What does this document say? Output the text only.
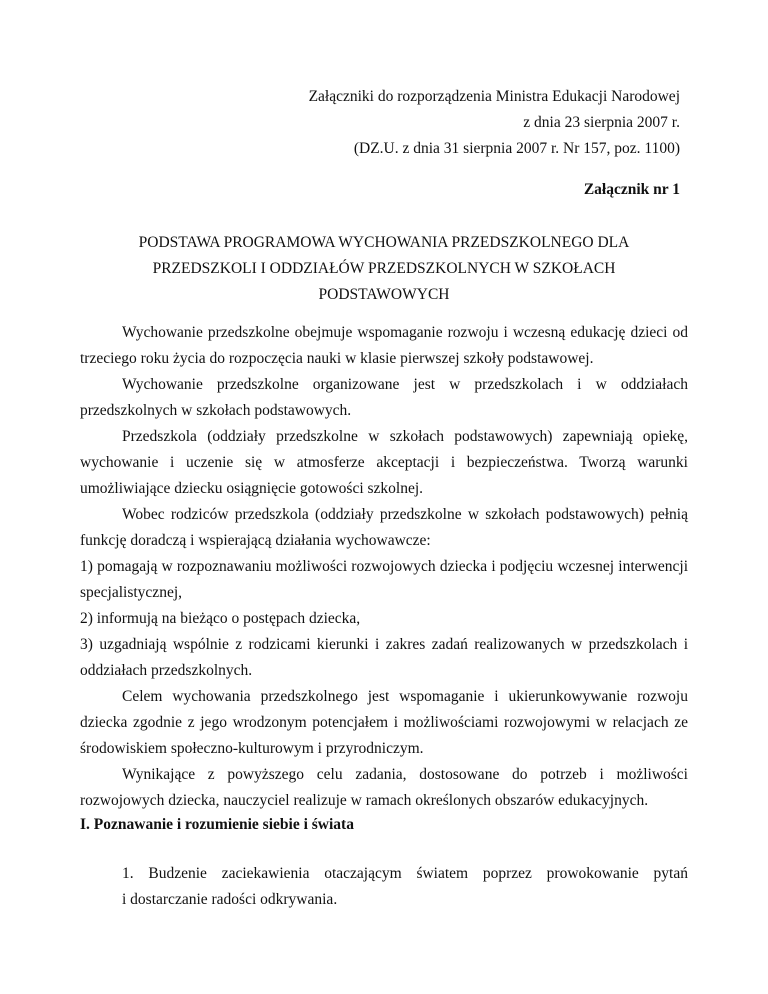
Załączniki do rozporządzenia Ministra Edukacji Narodowej
z dnia 23 sierpnia 2007 r.
(DZ.U. z dnia 31 sierpnia 2007 r. Nr 157, poz. 1100)
Załącznik nr 1
PODSTAWA PROGRAMOWA WYCHOWANIA PRZEDSZKOLNEGO DLA
PRZEDSZKOLI I ODDZIAŁÓW PRZEDSZKOLNYCH W SZKOŁACH
PODSTAWOWYCH

Wychowanie przedszkolne obejmuje wspomaganie rozwoju i wczesną edukację dzieci od trzeciego roku życia do rozpoczęcia nauki w klasie pierwszej szkoły podstawowej.

Wychowanie przedszkolne organizowane jest w przedszkolach i w oddziałach przedszkolnych w szkołach podstawowych.

Przedszkola (oddziały przedszkolne w szkołach podstawowych) zapewniają opiekę, wychowanie i uczenie się w atmosferze akceptacji i bezpieczeństwa. Tworzą warunki umożliwiające dziecku osiągnięcie gotowości szkolnej.

Wobec rodziców przedszkola (oddziały przedszkolne w szkołach podstawowych) pełnią funkcję doradczą i wspierającą działania wychowawcze:

1) pomagają w rozpoznawaniu możliwości rozwojowych dziecka i podjęciu wczesnej interwencji specjalistycznej,

2) informują na bieżąco o postępach dziecka,

3) uzgadniają wspólnie z rodzicami kierunki i zakres zadań realizowanych w przedszkolach i oddziałach przedszkolnych.

Celem wychowania przedszkolnego jest wspomaganie i ukierunkowywanie rozwoju dziecka zgodnie z jego wrodzonym potencjałem i możliwościami rozwojowymi w relacjach ze środowiskiem społeczno-kulturowym i przyrodniczym.

Wynikające z powyższego celu zadania, dostosowane do potrzeb i możliwości rozwojowych dziecka, nauczyciel realizuje w ramach określonych obszarów edukacyjnych.

I. Poznawanie i rozumienie siebie i świata
1. Budzenie zaciekawienia otaczającym światem poprzez prowokowanie pytań
i dostarczanie radości odkrywania.
